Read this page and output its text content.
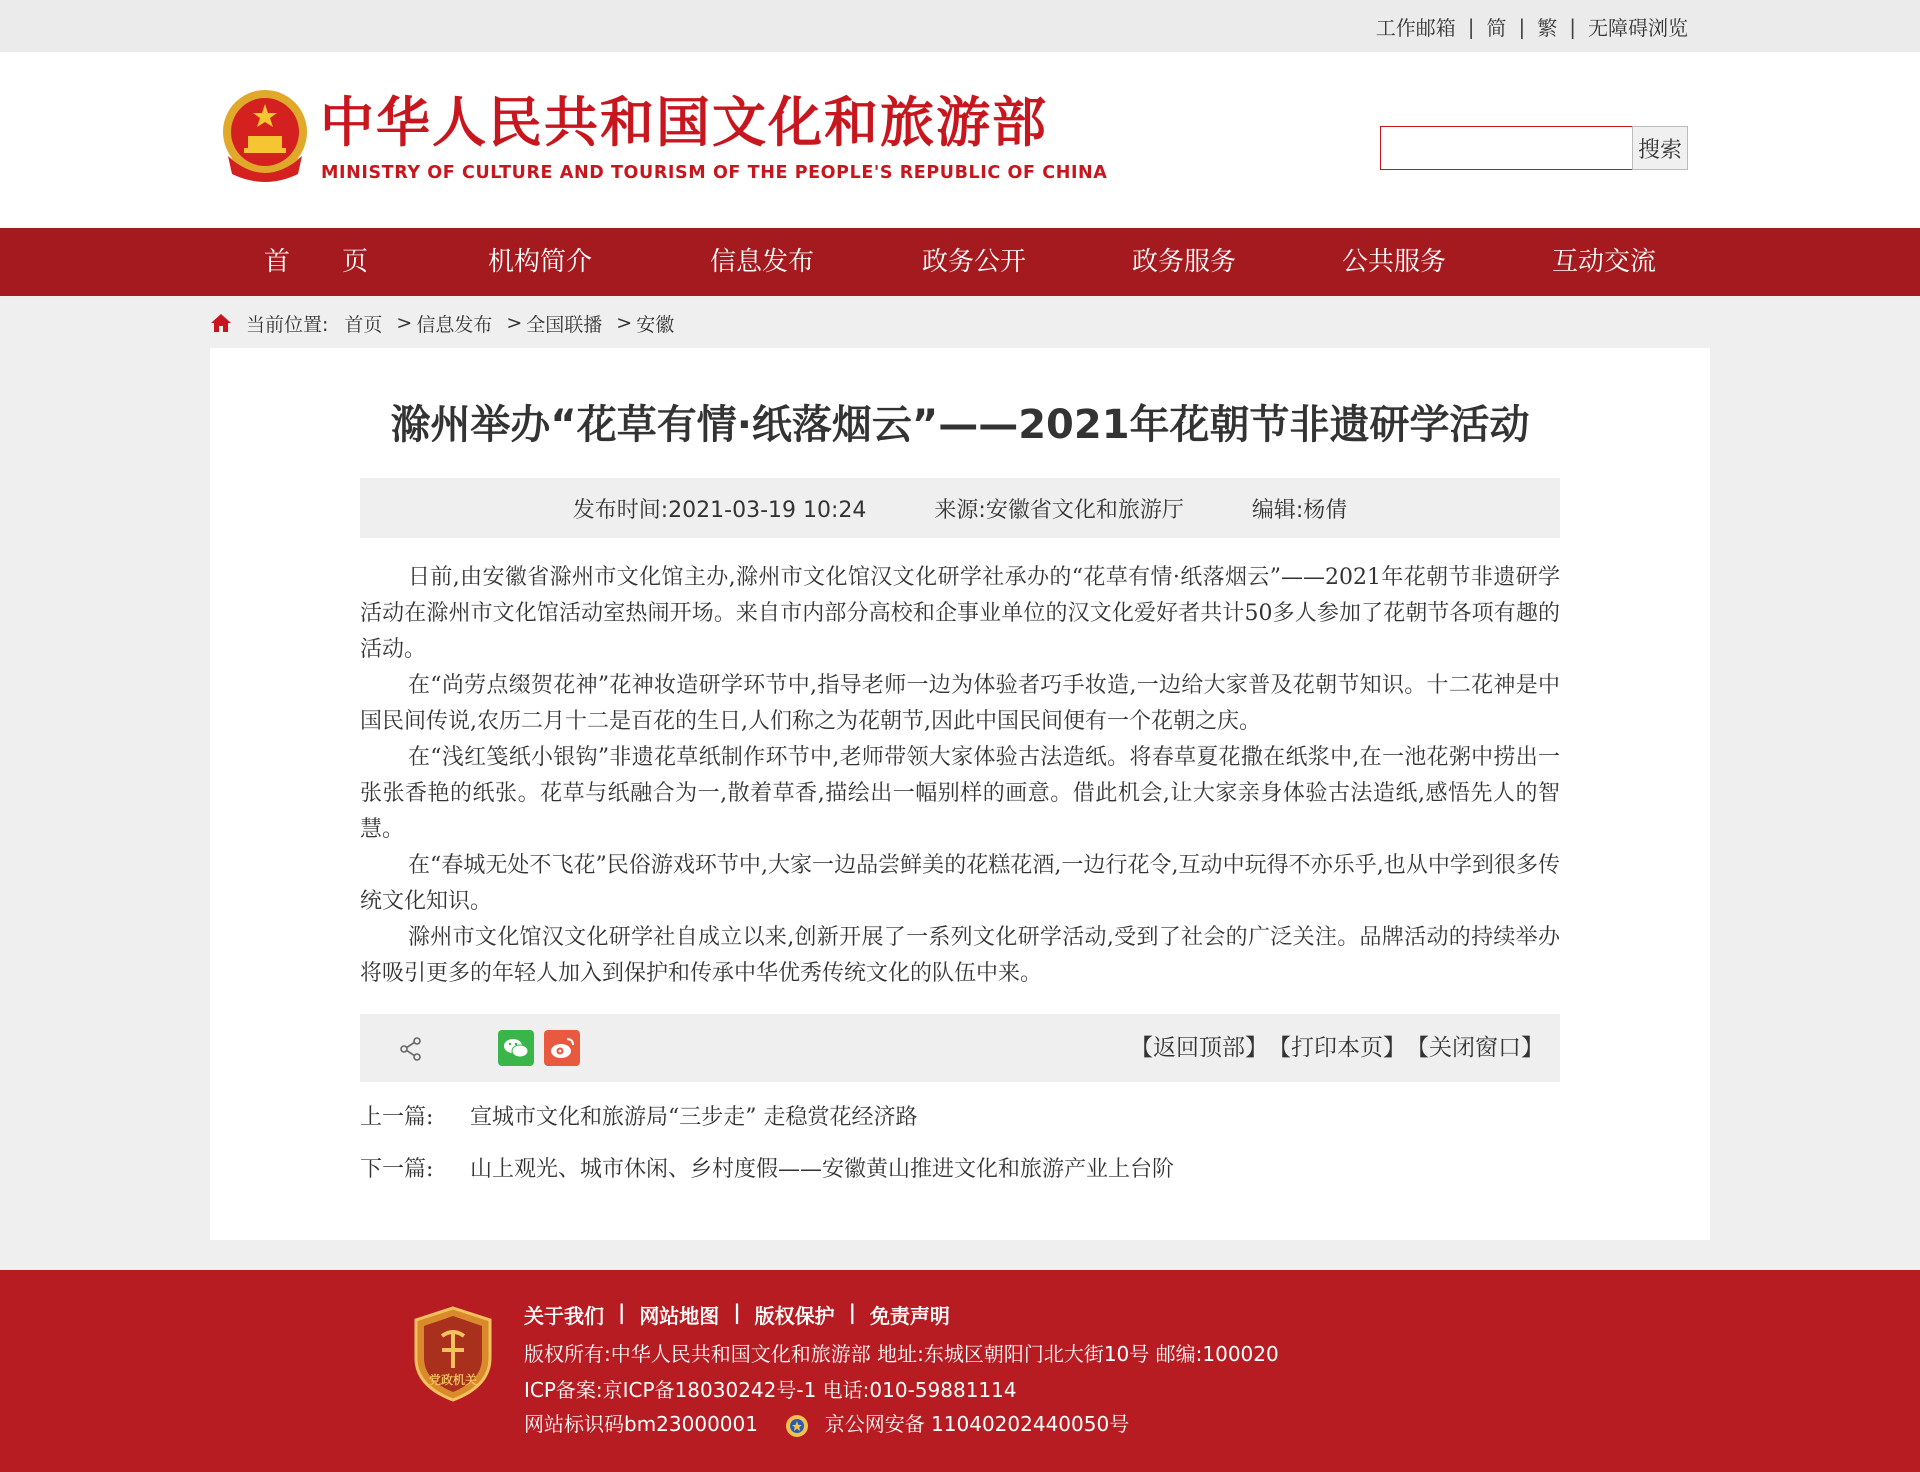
工作邮箱 | 简 | 繁 | 无障碍浏览
中华人民共和国文化和旅游部
MINISTRY OF CULTURE AND TOURISM OF THE PEOPLE'S REPUBLIC OF CHINA
搜索
首　　页	机构简介	信息发布	政务公开	政务服务	公共服务	互动交流
当前位置: 首页 > 信息发布 > 全国联播 > 安徽
滁州举办“花草有情·纸落烟云”——2021年花朝节非遗研学活动
发布时间:2021-03-19 10:24	来源:安徽省文化和旅游厅	编辑:杨倩

日前,由安徽省滁州市文化馆主办,滁州市文化馆汉文化研学社承办的“花草有情·纸落烟云”——2021年花朝节非遗研学活动在滁州市文化馆活动室热闹开场。来自市内部分高校和企事业单位的汉文化爱好者共计50多人参加了花朝节各项有趣的活动。

在“尚劳点缀贺花神”花神妆造研学环节中,指导老师一边为体验者巧手妆造,一边给大家普及花朝节知识。十二花神是中国民间传说,农历二月十二是百花的生日,人们称之为花朝节,因此中国民间便有一个花朝之庆。

在“浅红笺纸小银钩”非遗花草纸制作环节中,老师带领大家体验古法造纸。将春草夏花撒在纸浆中,在一池花粥中捞出一张张香艳的纸张。花草与纸融合为一,散着草香,描绘出一幅别样的画意。借此机会,让大家亲身体验古法造纸,感悟先人的智慧。

在“春城无处不飞花”民俗游戏环节中,大家一边品尝鲜美的花糕花酒,一边行花令,互动中玩得不亦乐乎,也从中学到很多传统文化知识。

滁州市文化馆汉文化研学社自成立以来,创新开展了一系列文化研学活动,受到了社会的广泛关注。品牌活动的持续举办将吸引更多的年轻人加入到保护和传承中华优秀传统文化的队伍中来。

【返回顶部】 【打印本页】 【关闭窗口】
上一篇:	宣城市文化和旅游局“三步走” 走稳赏花经济路
下一篇:	山上观光、城市休闲、乡村度假——安徽黄山推进文化和旅游产业上台阶
党政机关
关于我们 | 网站地图 | 版权保护 | 免责声明
版权所有:中华人民共和国文化和旅游部 地址:东城区朝阳门北大街10号 邮编:100020
ICP备案:京ICP备18030242号-1 电话:010-59881114
网站标识码bm23000001	京公网安备 11040202440050号
